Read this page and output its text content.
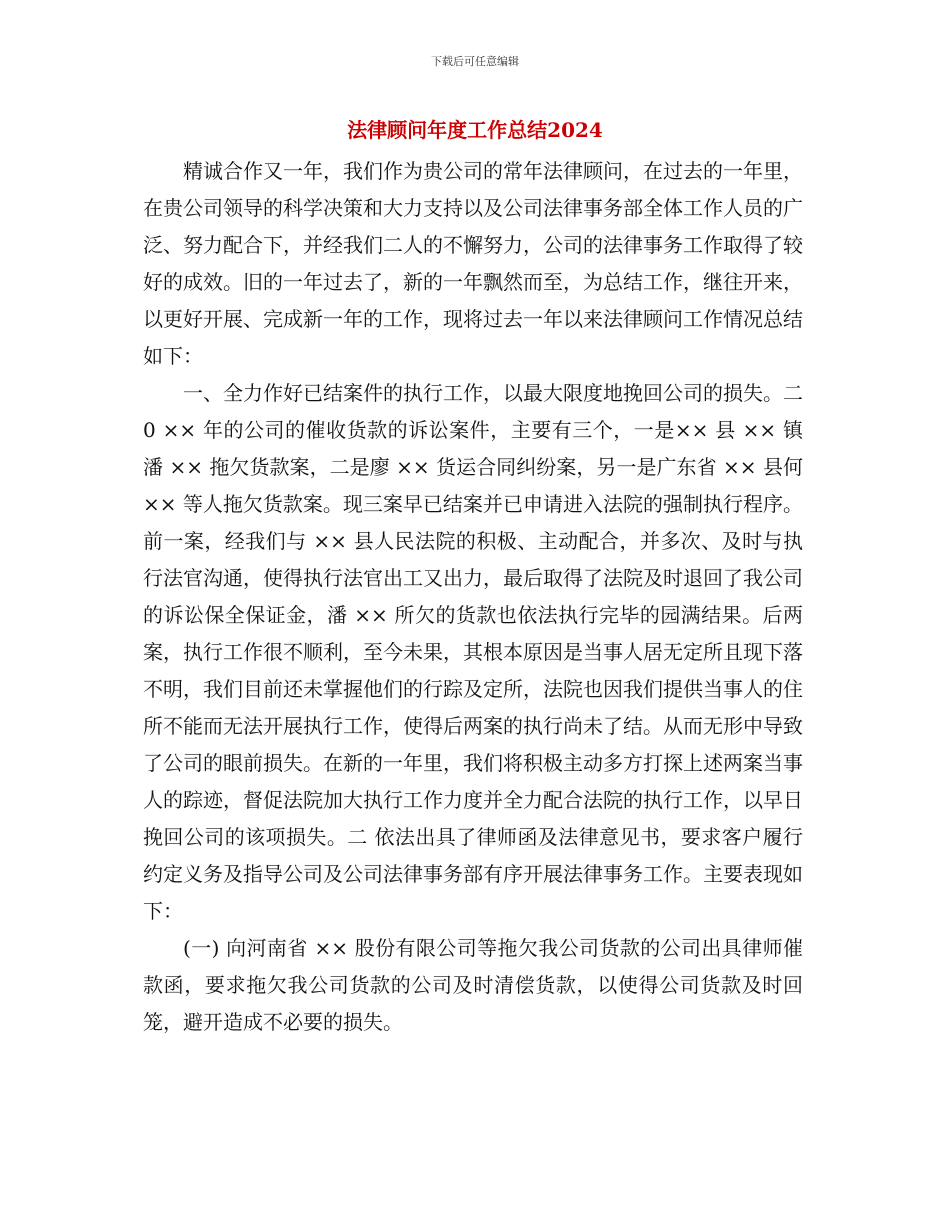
下载后可任意编辑
法律顾问年度工作总结2024

精诚合作又一年，我们作为贵公司的常年法律顾问，在过去的一年里，在贵公司领导的科学决策和大力支持以及公司法律事务部全体工作人员的广泛、努力配合下，并经我们二人的不懈努力，公司的法律事务工作取得了较好的成效。旧的一年过去了，新的一年飘然而至，为总结工作，继往开来，以更好开展、完成新一年的工作，现将过去一年以来法律顾问工作情况总结如下：

一、全力作好已结案件的执行工作，以最大限度地挽回公司的损失。二 0 ×× 年的公司的催收货款的诉讼案件，主要有三个，一是×× 县 ×× 镇潘 ×× 拖欠货款案，二是廖 ×× 货运合同纠纷案，另一是广东省 ×× 县何 ×× 等人拖欠货款案。现三案早已结案并已申请进入法院的强制执行程序。前一案，经我们与 ×× 县人民法院的积极、主动配合，并多次、及时与执行法官沟通，使得执行法官出工又出力，最后取得了法院及时退回了我公司的诉讼保全保证金，潘 ×× 所欠的货款也依法执行完毕的园满结果。后两案，执行工作很不顺利，至今未果，其根本原因是当事人居无定所且现下落不明，我们目前还未掌握他们的行踪及定所，法院也因我们提供当事人的住所不能而无法开展执行工作，使得后两案的执行尚未了结。从而无形中导致了公司的眼前损失。在新的一年里，我们将积极主动多方打探上述两案当事人的踪迹，督促法院加大执行工作力度并全力配合法院的执行工作，以早日挽回公司的该项损失。二 依法出具了律师函及法律意见书，要求客户履行约定义务及指导公司及公司法律事务部有序开展法律事务工作。主要表现如下：

(一) 向河南省 ×× 股份有限公司等拖欠我公司货款的公司出具律师催款函，要求拖欠我公司货款的公司及时清偿货款，以使得公司货款及时回笼，避开造成不必要的损失。
